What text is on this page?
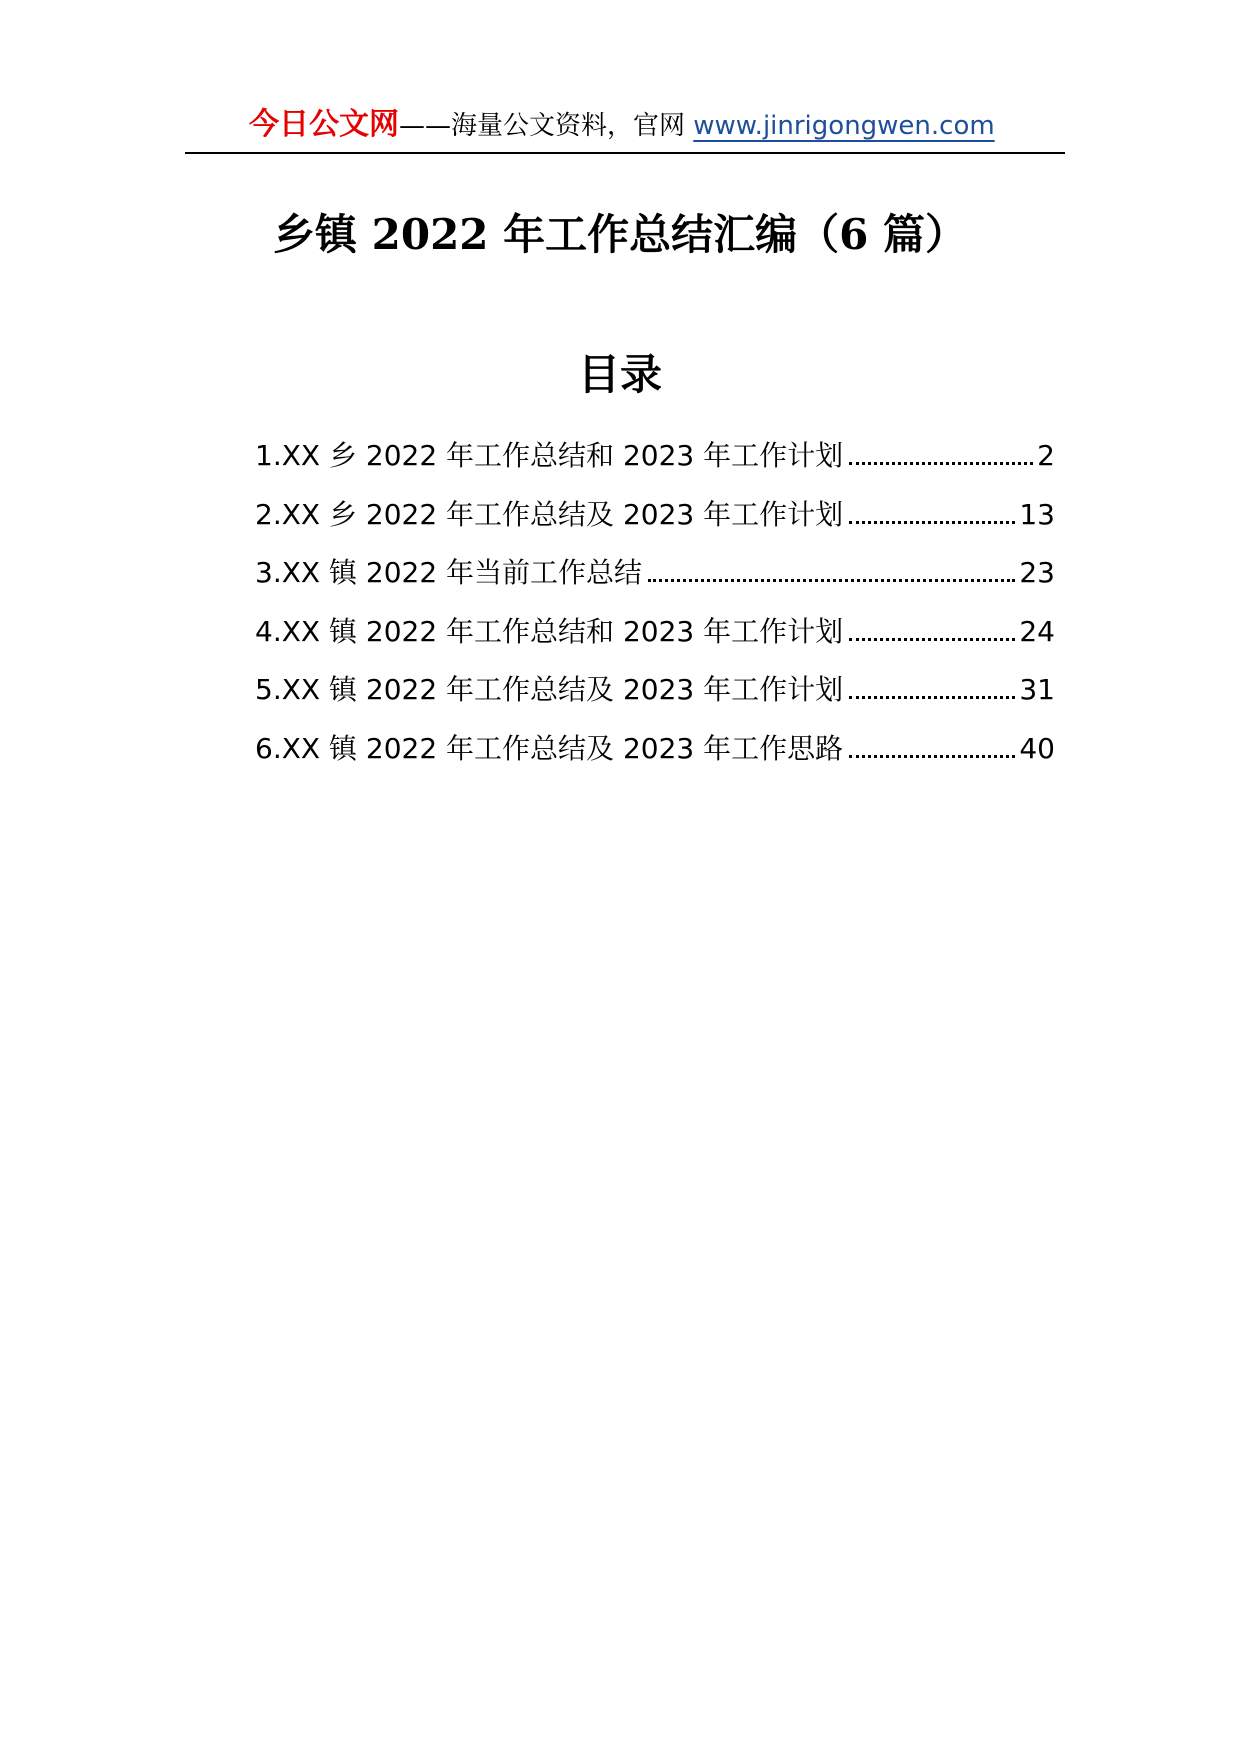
今日公文网——海量公文资料，官网 www.jinrigongwen.com
乡镇 2022 年工作总结汇编（6 篇）
目录
1.XX 乡 2022 年工作总结和 2023 年工作计划	2
2.XX 乡 2022 年工作总结及 2023 年工作计划	13
3.XX 镇 2022 年当前工作总结	23
4.XX 镇 2022 年工作总结和 2023 年工作计划	24
5.XX 镇 2022 年工作总结及 2023 年工作计划	31
6.XX 镇 2022 年工作总结及 2023 年工作思路	40
